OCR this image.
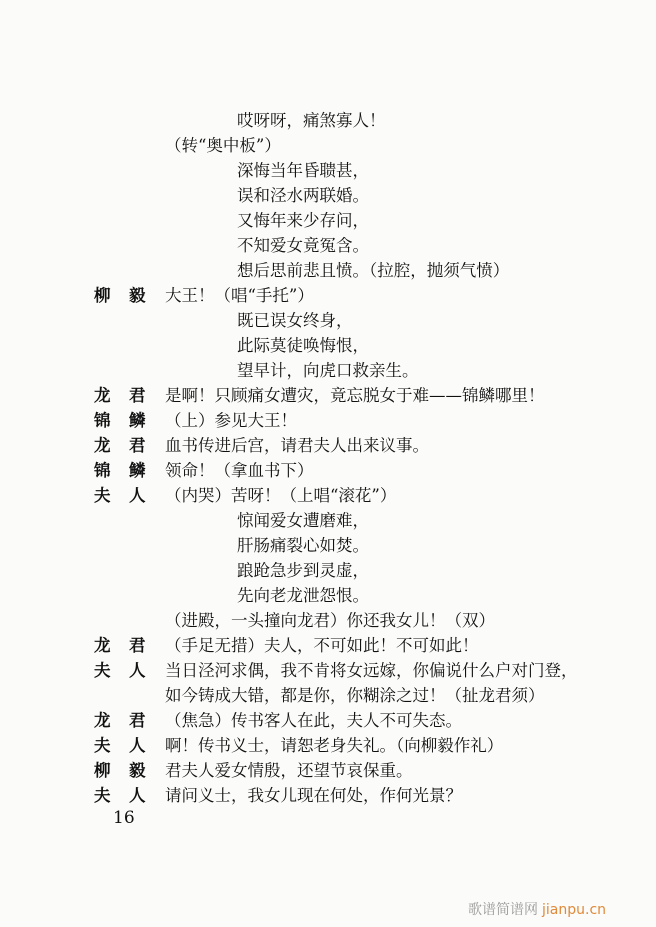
哎呀呀，痛煞寡人！
（转“奥中板”）
深悔当年昏聩甚，
误和泾水两联婚。
又悔年来少存问，
不知爱女竟冤含。
想后思前悲且愤。（拉腔，抛须气愤）
柳 毅 大王！（唱“手托”）
既已误女终身，
此际莫徒唤悔恨，
望早计，向虎口救亲生。
龙 君 是啊！只顾痛女遭灾，竟忘脱女于难——锦鳞哪里！
锦 鳞 （上）参见大王！
龙 君 血书传进后宫，请君夫人出来议事。
锦 鳞 领命！（拿血书下）
夫 人 （内哭）苦呀！（上唱“滚花”）
惊闻爱女遭磨难，
肝肠痛裂心如焚。
踉跄急步到灵虚，
先向老龙泄怨恨。
（进殿，一头撞向龙君）你还我女儿！（双）
龙 君 （手足无措）夫人，不可如此！不可如此！
夫 人 当日泾河求偶，我不肯将女远嫁，你偏说什么户对门登，
如今铸成大错，都是你，你糊涂之过！（扯龙君须）
龙 君 （焦急）传书客人在此，夫人不可失态。
夫 人 啊！传书义士，请恕老身失礼。（向柳毅作礼）
柳 毅 君夫人爱女情殷，还望节哀保重。
夫 人 请问义士，我女儿现在何处，作何光景？
16
歌谱简谱网 jianpu.cn
